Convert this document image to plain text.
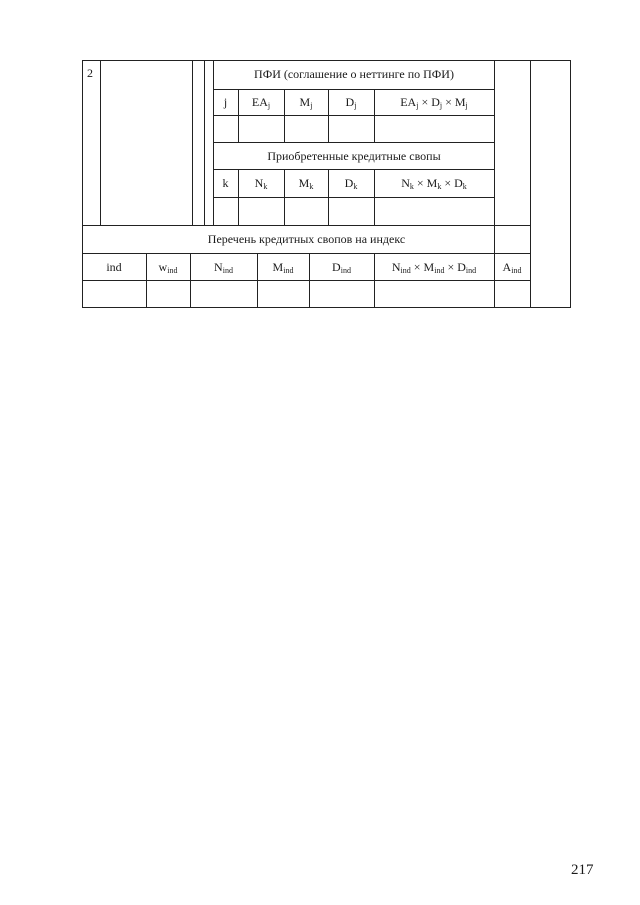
2	ПФИ (соглашение о неттинге по ПФИ)
j	$EA_j$	$M_j$	$D_j$	$EA_j \times D_j \times M_j$
Приобретенные кредитные свопы
k	$N_k$	$M_k$	$D_k$	$N_k \times M_k \times D_k$
Перечень кредитных свопов на индекс
ind	$w_{ind}$	$N_{ind}$	$M_{ind}$	$D_{ind}$	$N_{ind} \times M_{ind} \times D_{ind}$	$A_{ind}$
217
